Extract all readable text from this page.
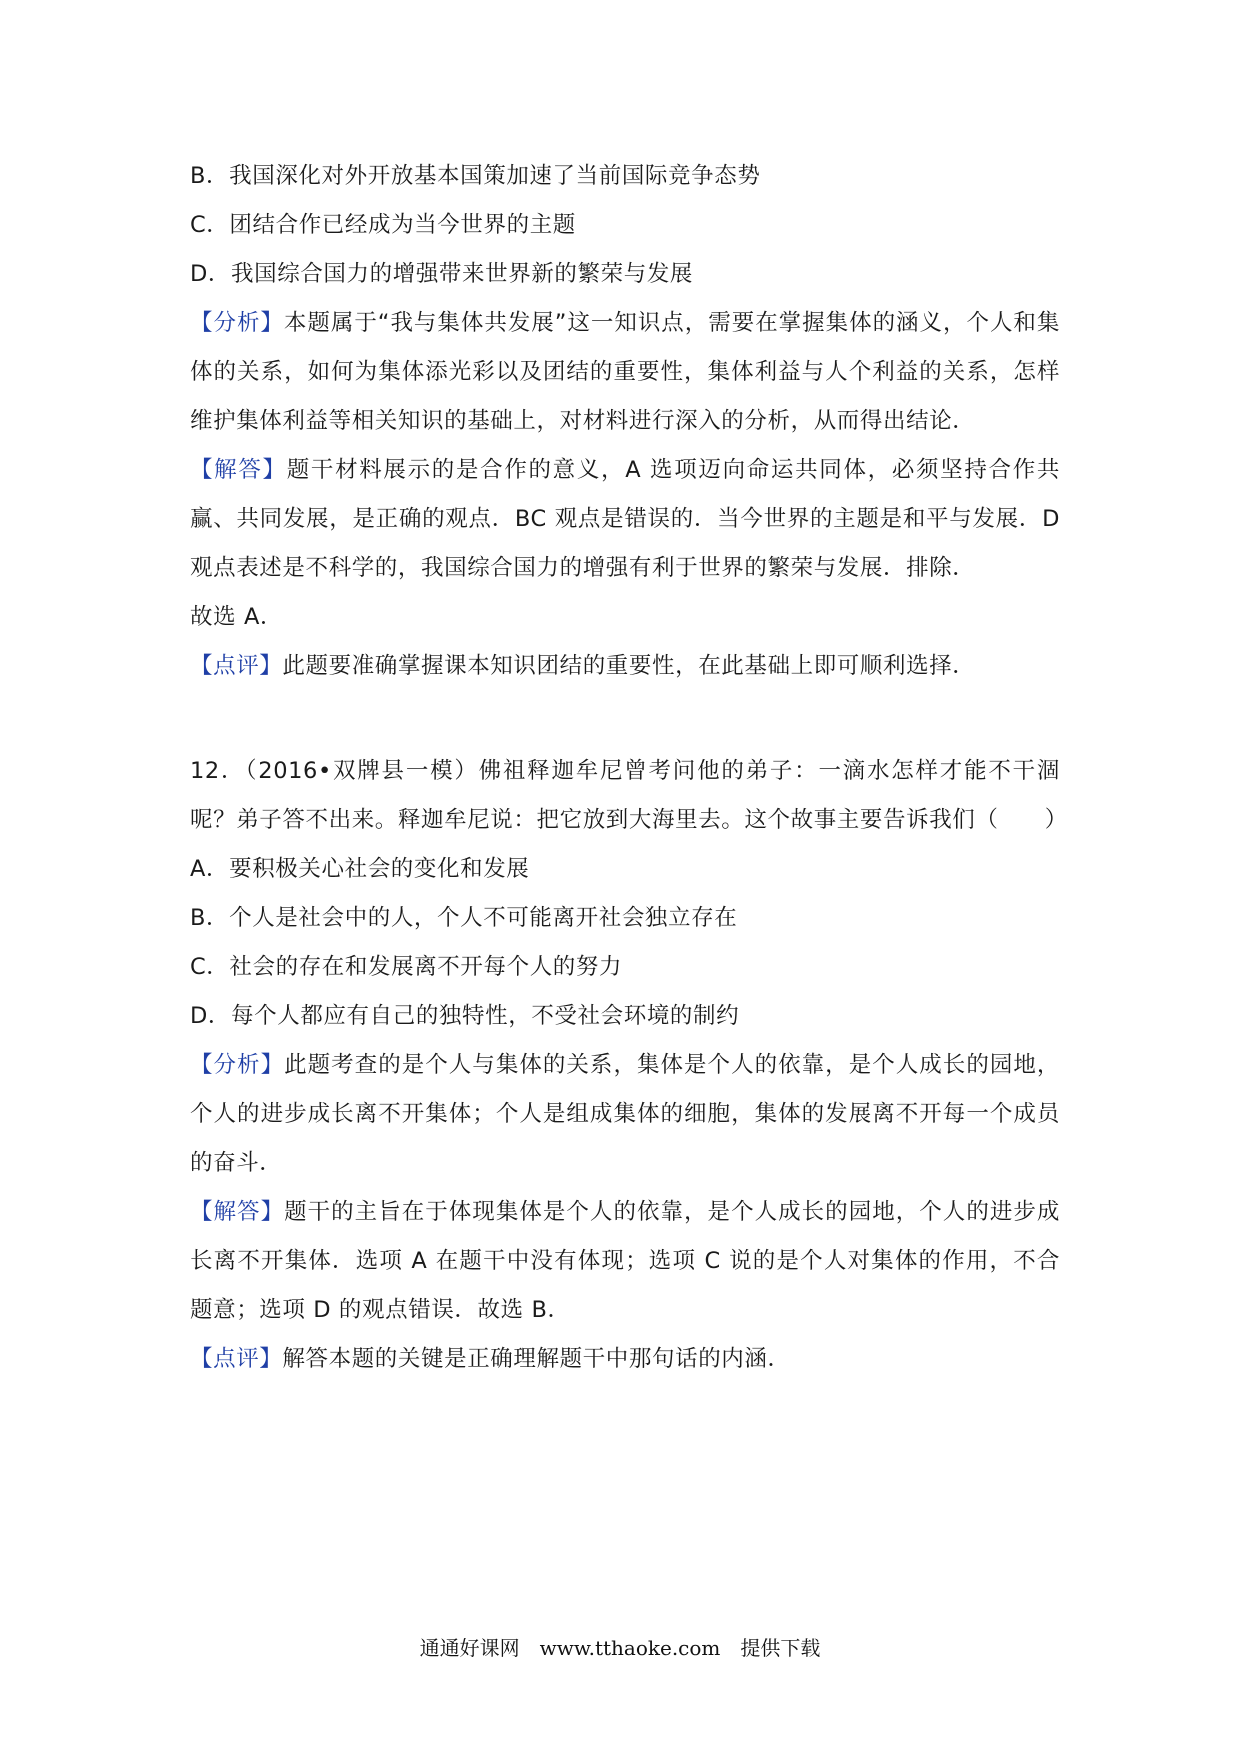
B．我国深化对外开放基本国策加速了当前国际竞争态势
C．团结合作已经成为当今世界的主题
D．我国综合国力的增强带来世界新的繁荣与发展
【分析】本题属于“我与集体共发展”这一知识点，需要在掌握集体的涵义，个人和集体的关系，如何为集体添光彩以及团结的重要性，集体利益与人个利益的关系，怎样维护集体利益等相关知识的基础上，对材料进行深入的分析，从而得出结论．
【解答】题干材料展示的是合作的意义，A 选项迈向命运共同体，必须坚持合作共赢、共同发展，是正确的观点．BC 观点是错误的．当今世界的主题是和平与发展．D 观点表述是不科学的，我国综合国力的增强有利于世界的繁荣与发展．排除．
故选 A．
【点评】此题要准确掌握课本知识团结的重要性，在此基础上即可顺利选择．
12．（2016•双牌县一模）佛祖释迦牟尼曾考问他的弟子：一滴水怎样才能不干涸呢？弟子答不出来。释迦牟尼说：把它放到大海里去。这个故事主要告诉我们（　　）
A．要积极关心社会的变化和发展
B．个人是社会中的人，个人不可能离开社会独立存在
C．社会的存在和发展离不开每个人的努力
D．每个人都应有自己的独特性，不受社会环境的制约
【分析】此题考查的是个人与集体的关系，集体是个人的依靠，是个人成长的园地，个人的进步成长离不开集体；个人是组成集体的细胞，集体的发展离不开每一个成员的奋斗．
【解答】题干的主旨在于体现集体是个人的依靠，是个人成长的园地，个人的进步成长离不开集体．选项 A 在题干中没有体现；选项 C 说的是个人对集体的作用，不合题意；选项 D 的观点错误．故选 B．
【点评】解答本题的关键是正确理解题干中那句话的内涵．
通通好课网　www.tthaoke.com　提供下载
